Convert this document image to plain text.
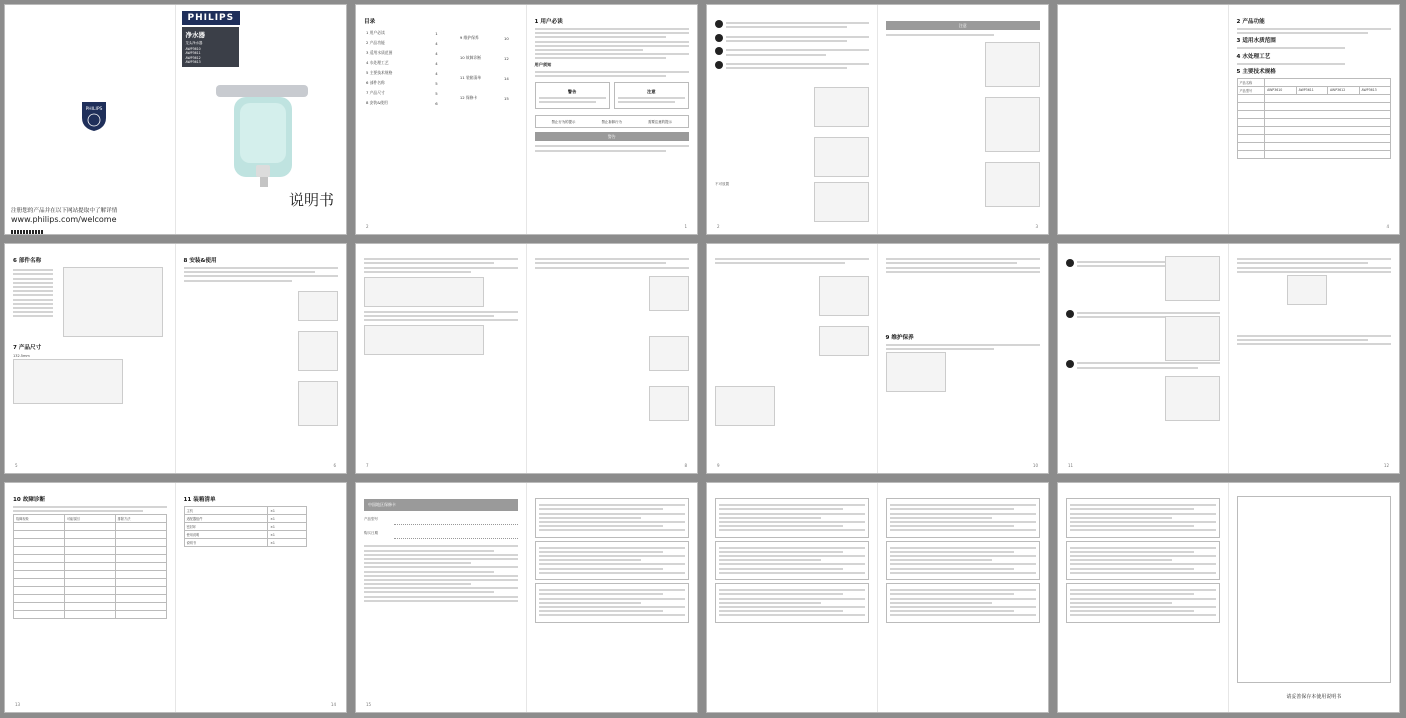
PHILIPS
注册您的产品并在以下网站提取中了解详情
www.philips.com/welcome
PHILIPS
净水器
龙头净水器
AWP3610
AWP3611
AWP3612
AWP3613
说明书
目录
1 用户必读	1
2 产品功能	4
3 适用水质范围	4
4 水处理工艺	4
5 主要技术规格	4
6 部件名称	5
7 产品尺寸	5
8 安装&使用	6
9 维护保养	10
10 故障诊断	12
11 装箱清单	14
12 保修卡	15
2
1 用户必读
用户须知
警告	注意
禁止行为的提示	禁止拆卸行为	需要注意的提示
警告
1
不可放置
2
注意
3
2 产品功能
3 适用水质范围
4 水处理工艺
5 主要技术规格
产品名称				
产品型号	AWP3610	AWP3611	AWP3612	AWP3613

4
6 部件名称
7 产品尺寸
132.5mm
5
8 安装&使用
6	7	8	9
9 维护保养
10	11	12
10 故障诊断
故障现象	可能原因	排除方法

13
11 装箱清单
主机	×1
适配器组件	×1
密封环	×1
使用说明	×1
说明书	×1
14
中国地区保修卡
产品型号
购买日期
15
请妥善保存本使用说明书
